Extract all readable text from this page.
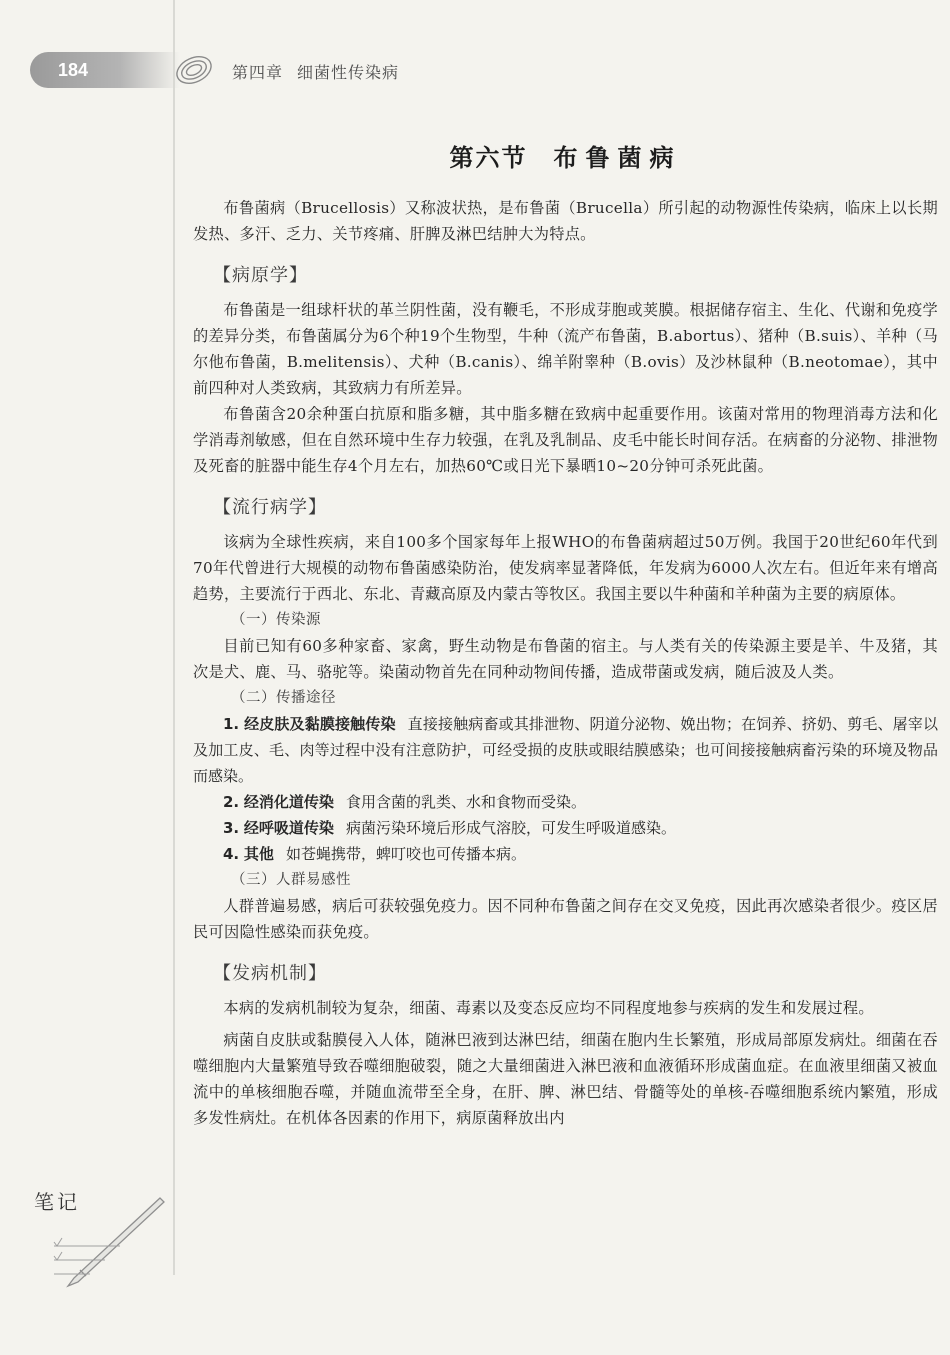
184	第四章 细菌性传染病
第六节 布鲁菌病

布鲁菌病（Brucellosis）又称波状热，是布鲁菌（Brucella）所引起的动物源性传染病，临床上以长期发热、多汗、乏力、关节疼痛、肝脾及淋巴结肿大为特点。

【病原学】

布鲁菌是一组球杆状的革兰阴性菌，没有鞭毛，不形成芽胞或荚膜。根据储存宿主、生化、代谢和免疫学的差异分类，布鲁菌属分为6个种19个生物型，牛种（流产布鲁菌，B.abortus）、猪种（B.suis）、羊种（马尔他布鲁菌，B.melitensis）、犬种（B.canis）、绵羊附睾种（B.ovis）及沙林鼠种（B.neotomae），其中前四种对人类致病，其致病力有所差异。

布鲁菌含20余种蛋白抗原和脂多糖，其中脂多糖在致病中起重要作用。该菌对常用的物理消毒方法和化学消毒剂敏感，但在自然环境中生存力较强，在乳及乳制品、皮毛中能长时间存活。在病畜的分泌物、排泄物及死畜的脏器中能生存4个月左右，加热60℃或日光下暴晒10~20分钟可杀死此菌。

【流行病学】

该病为全球性疾病，来自100多个国家每年上报WHO的布鲁菌病超过50万例。我国于20世纪60年代到70年代曾进行大规模的动物布鲁菌感染防治，使发病率显著降低，年发病为6000人次左右。但近年来有增高趋势，主要流行于西北、东北、青藏高原及内蒙古等牧区。我国主要以牛种菌和羊种菌为主要的病原体。

（一）传染源

目前已知有60多种家畜、家禽，野生动物是布鲁菌的宿主。与人类有关的传染源主要是羊、牛及猪，其次是犬、鹿、马、骆驼等。染菌动物首先在同种动物间传播，造成带菌或发病，随后波及人类。

（二）传播途径

1. 经皮肤及黏膜接触传染 直接接触病畜或其排泄物、阴道分泌物、娩出物；在饲养、挤奶、剪毛、屠宰以及加工皮、毛、肉等过程中没有注意防护，可经受损的皮肤或眼结膜感染；也可间接接触病畜污染的环境及物品而感染。

2. 经消化道传染 食用含菌的乳类、水和食物而受染。

3. 经呼吸道传染 病菌污染环境后形成气溶胶，可发生呼吸道感染。

4. 其他 如苍蝇携带，蜱叮咬也可传播本病。

（三）人群易感性

人群普遍易感，病后可获较强免疫力。因不同种布鲁菌之间存在交叉免疫，因此再次感染者很少。疫区居民可因隐性感染而获免疫。

【发病机制】

本病的发病机制较为复杂，细菌、毒素以及变态反应均不同程度地参与疾病的发生和发展过程。

病菌自皮肤或黏膜侵入人体，随淋巴液到达淋巴结，细菌在胞内生长繁殖，形成局部原发病灶。细菌在吞噬细胞内大量繁殖导致吞噬细胞破裂，随之大量细菌进入淋巴液和血液循环形成菌血症。在血液里细菌又被血流中的单核细胞吞噬，并随血流带至全身，在肝、脾、淋巴结、骨髓等处的单核-吞噬细胞系统内繁殖，形成多发性病灶。在机体各因素的作用下，病原菌释放出内

笔记
